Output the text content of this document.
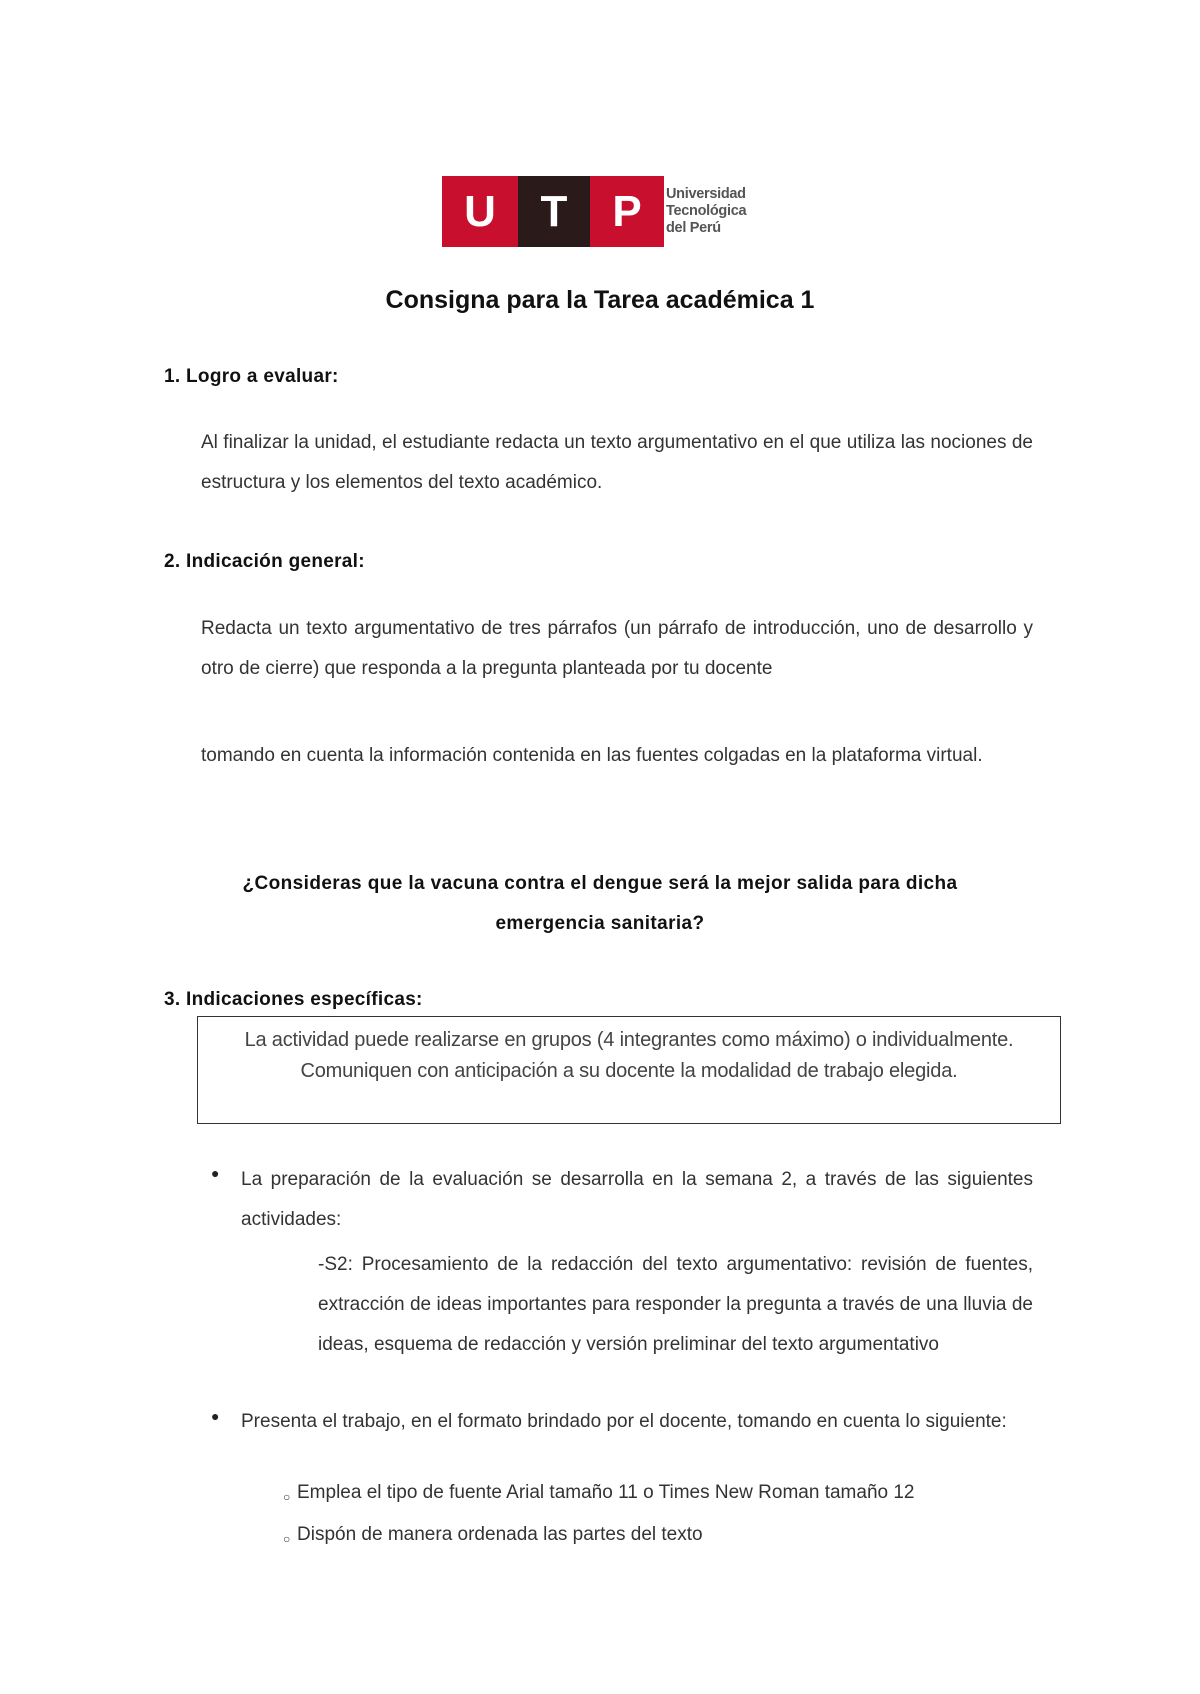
U	T	P	Universidad
Tecnológica
del Perú
Consigna para la Tarea académica 1
1. Logro a evaluar:
Al finalizar la unidad, el estudiante redacta un texto argumentativo en el que utiliza las nociones de estructura y los elementos del texto académico.
2. Indicación general:
Redacta un texto argumentativo de tres párrafos (un párrafo de introducción, uno de desarrollo y otro de cierre) que responda a la pregunta planteada por tu docente
tomando en cuenta la información contenida en las fuentes colgadas en la plataforma virtual.
¿Consideras que la vacuna contra el dengue será la mejor salida para dicha emergencia sanitaria?
3. Indicaciones específicas:
La actividad puede realizarse en grupos (4 integrantes como máximo) o individualmente. Comuniquen con anticipación a su docente la modalidad de trabajo elegida.
● La preparación de la evaluación se desarrolla en la semana 2, a través de las siguientes actividades:
-S2: Procesamiento de la redacción del texto argumentativo: revisión de fuentes, extracción de ideas importantes para responder la pregunta a través de una lluvia de ideas, esquema de redacción y versión preliminar del texto argumentativo
● Presenta el trabajo, en el formato brindado por el docente, tomando en cuenta lo siguiente:
○ Emplea el tipo de fuente Arial tamaño 11 o Times New Roman tamaño 12
○ Dispón de manera ordenada las partes del texto
